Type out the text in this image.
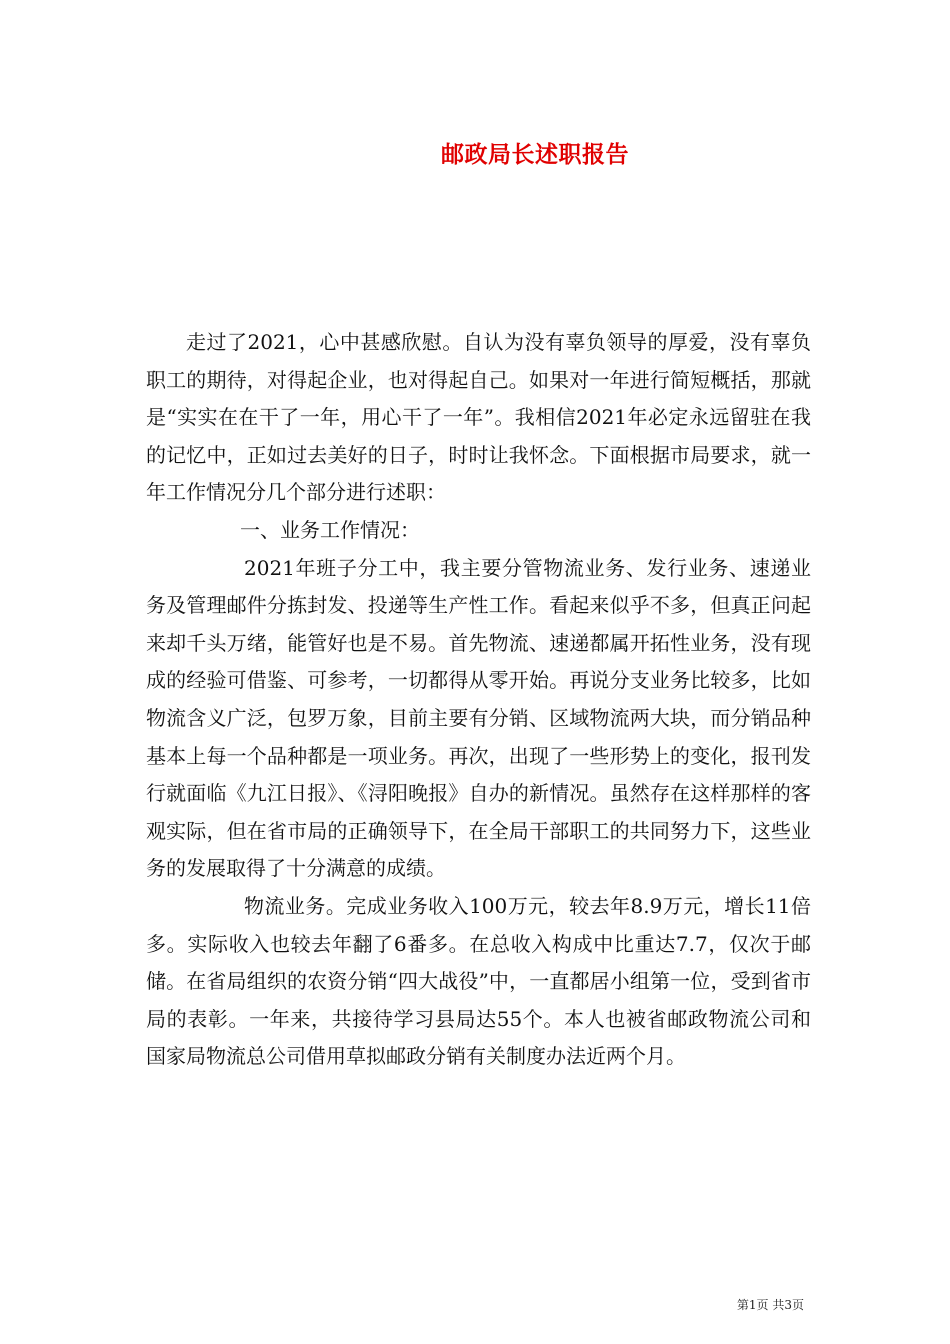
邮政局长述职报告

走过了2021，心中甚感欣慰。自认为没有辜负领导的厚爱，没有辜负职工的期待，对得起企业，也对得起自己。如果对一年进行简短概括，那就是“实实在在干了一年，用心干了一年”。我相信2021年必定永远留驻在我的记忆中，正如过去美好的日子，时时让我怀念。下面根据市局要求，就一年工作情况分几个部分进行述职：

一、业务工作情况：

2021年班子分工中，我主要分管物流业务、发行业务、速递业务及管理邮件分拣封发、投递等生产性工作。看起来似乎不多，但真正问起来却千头万绪，能管好也是不易。首先物流、速递都属开拓性业务，没有现成的经验可借鉴、可参考，一切都得从零开始。再说分支业务比较多，比如物流含义广泛，包罗万象，目前主要有分销、区域物流两大块，而分销品种基本上每一个品种都是一项业务。再次，出现了一些形势上的变化，报刊发行就面临《九江日报》、《浔阳晚报》自办的新情况。虽然存在这样那样的客观实际，但在省市局的正确领导下，在全局干部职工的共同努力下，这些业务的发展取得了十分满意的成绩。

物流业务。完成业务收入100万元，较去年8.9万元，增长11倍多。实际收入也较去年翻了6番多。在总收入构成中比重达7.7，仅次于邮储。在省局组织的农资分销“四大战役”中，一直都居小组第一位，受到省市局的表彰。一年来，共接待学习县局达55个。本人也被省邮政物流公司和国家局物流总公司借用草拟邮政分销有关制度办法近两个月。

第1页 共3页
